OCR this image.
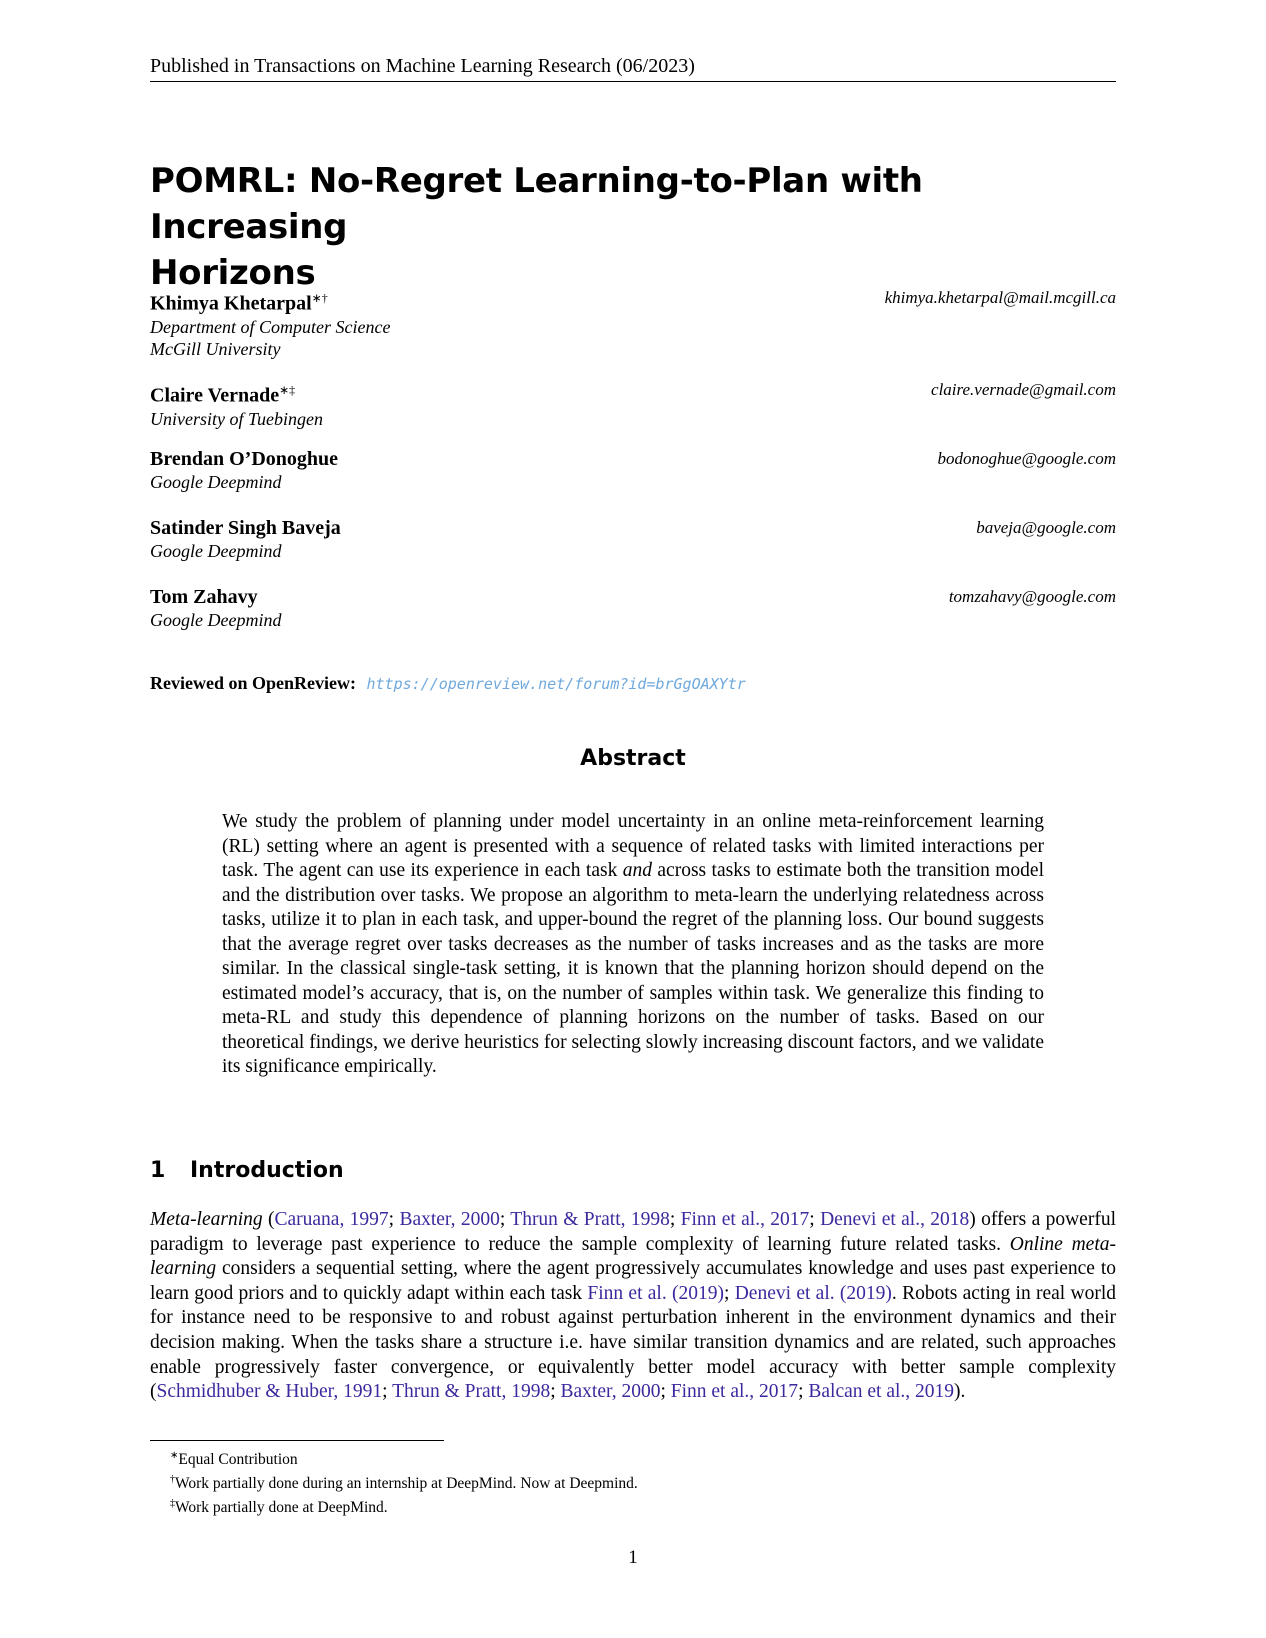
Published in Transactions on Machine Learning Research (06/2023)
POMRL: No-Regret Learning-to-Plan with Increasing
Horizons
Khimya Khetarpal∗†
Department of Computer Science
McGill University
khimya.khetarpal@mail.mcgill.ca
Claire Vernade∗‡
University of Tuebingen
claire.vernade@gmail.com
Brendan O’Donoghue
Google Deepmind
bodonoghue@google.com
Satinder Singh Baveja
Google Deepmind
baveja@google.com
Tom Zahavy
Google Deepmind
tomzahavy@google.com
Reviewed on OpenReview: https://openreview.net/forum?id=brGgOAXYtr
Abstract
We study the problem of planning under model uncertainty in an online meta-reinforcement learning (RL) setting where an agent is presented with a sequence of related tasks with limited interactions per task. The agent can use its experience in each task and across tasks to estimate both the transition model and the distribution over tasks. We propose an algorithm to meta-learn the underlying relatedness across tasks, utilize it to plan in each task, and upper-bound the regret of the planning loss. Our bound suggests that the average regret over tasks decreases as the number of tasks increases and as the tasks are more similar. In the classical single-task setting, it is known that the planning horizon should depend on the estimated model’s accuracy, that is, on the number of samples within task. We generalize this finding to meta-RL and study this dependence of planning horizons on the number of tasks. Based on our theoretical findings, we derive heuristics for selecting slowly increasing discount factors, and we validate its significance empirically.
1 Introduction
Meta-learning (Caruana, 1997; Baxter, 2000; Thrun & Pratt, 1998; Finn et al., 2017; Denevi et al., 2018) offers a powerful paradigm to leverage past experience to reduce the sample complexity of learning future related tasks. Online meta-learning considers a sequential setting, where the agent progressively accumulates knowledge and uses past experience to learn good priors and to quickly adapt within each task Finn et al. (2019); Denevi et al. (2019). Robots acting in real world for instance need to be responsive to and robust against perturbation inherent in the environment dynamics and their decision making. When the tasks share a structure i.e. have similar transition dynamics and are related, such approaches enable progressively faster convergence, or equivalently better model accuracy with better sample complexity (Schmidhuber & Huber, 1991; Thrun & Pratt, 1998; Baxter, 2000; Finn et al., 2017; Balcan et al., 2019).
∗Equal Contribution
†Work partially done during an internship at DeepMind. Now at Deepmind.
‡Work partially done at DeepMind.
1
